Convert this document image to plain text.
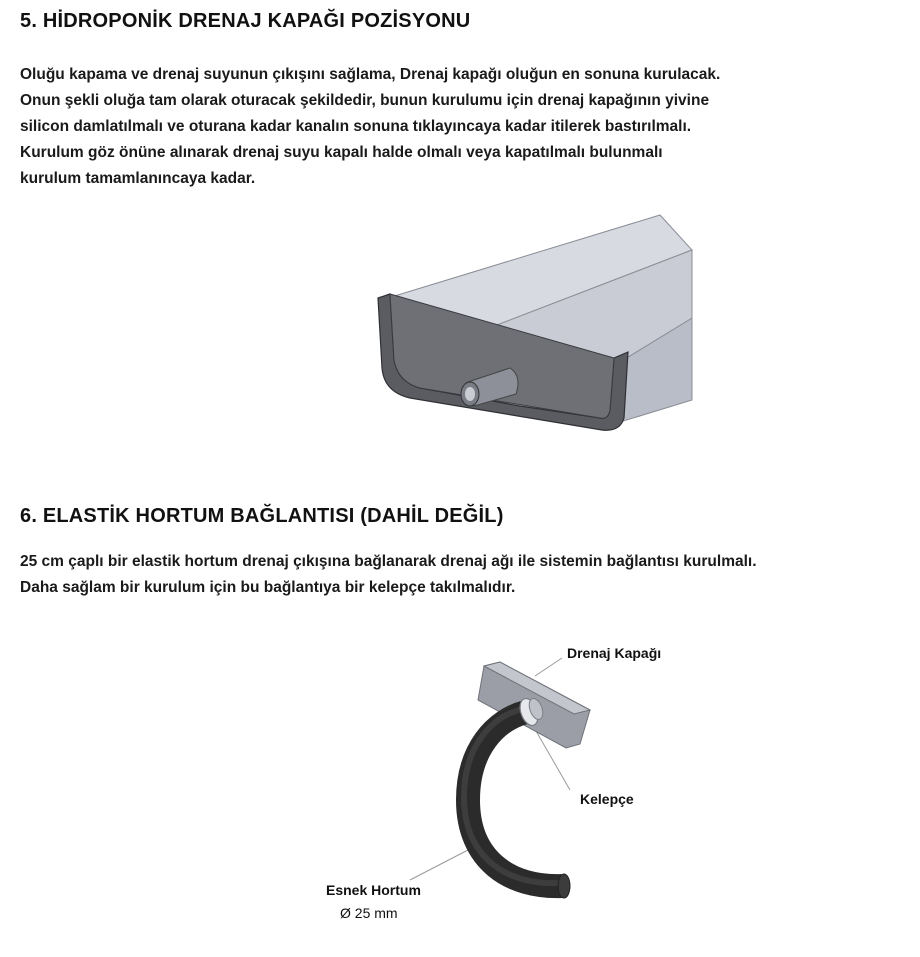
5. HİDROPONİK DRENAJ KAPAĞI POZİSYONU
Oluğu kapama ve drenaj suyunun çıkışını sağlama, Drenaj kapağı oluğun en sonuna kurulacak.
Onun şekli oluğa tam olarak oturacak şekildedir, bunun kurulumu için drenaj kapağının yivine
silicon damlatılmalı ve oturana kadar kanalın sonuna tıklayıncaya kadar itilerek bastırılmalı.
Kurulum göz önüne alınarak drenaj suyu kapalı halde olmalı veya kapatılmalı bulunmalı
kurulum tamamlanıncaya kadar.
6. ELASTİK HORTUM BAĞLANTISI (DAHİL DEĞİL)
25 cm çaplı bir elastik hortum drenaj çıkışına bağlanarak drenaj ağı ile sistemin bağlantısı kurulmalı.
Daha sağlam bir kurulum için bu bağlantıya bir kelepçe takılmalıdır.
Drenaj Kapağı
Kelepçe
Esnek Hortum
Ø 25 mm
